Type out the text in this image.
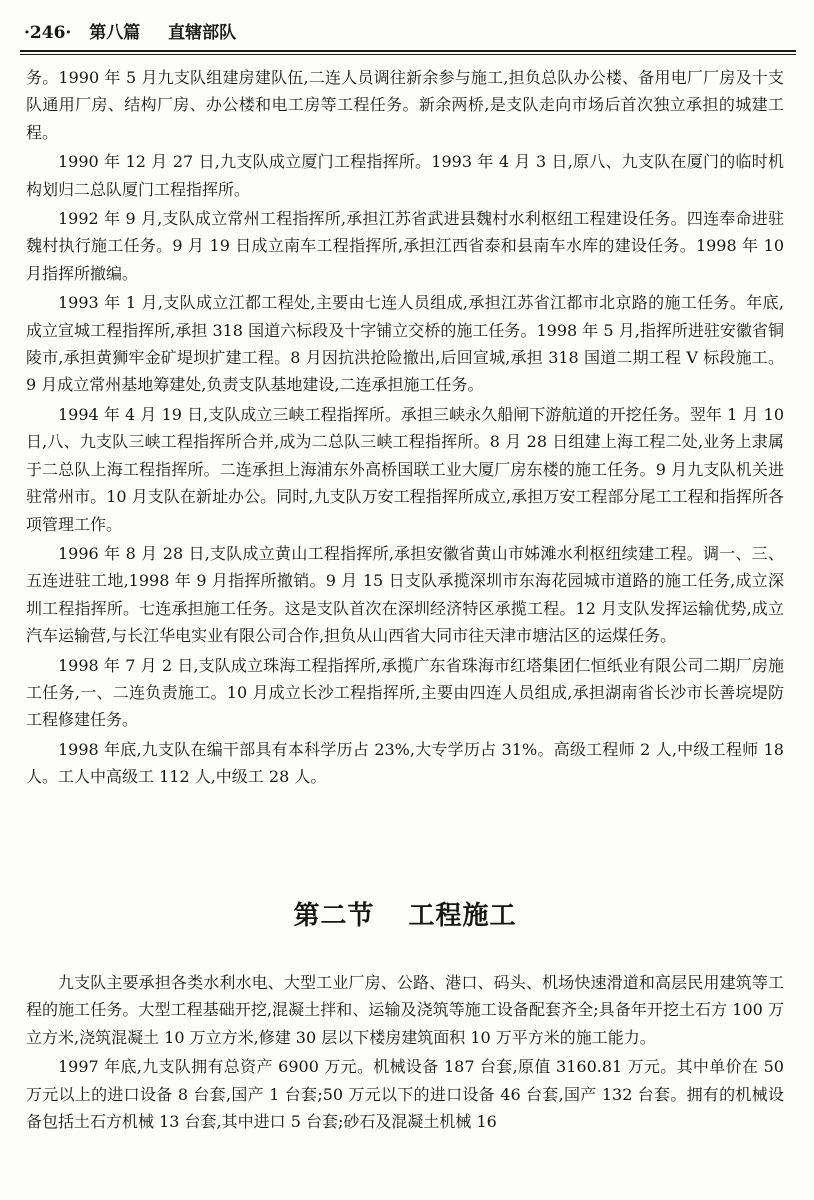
·246· 第八篇 直辖部队

务。1990 年 5 月九支队组建房建队伍,二连人员调往新余参与施工,担负总队办公楼、备用电厂厂房及十支队通用厂房、结构厂房、办公楼和电工房等工程任务。新余两桥,是支队走向市场后首次独立承担的城建工程。

1990 年 12 月 27 日,九支队成立厦门工程指挥所。1993 年 4 月 3 日,原八、九支队在厦门的临时机构划归二总队厦门工程指挥所。

1992 年 9 月,支队成立常州工程指挥所,承担江苏省武进县魏村水利枢纽工程建设任务。四连奉命进驻魏村执行施工任务。9 月 19 日成立南车工程指挥所,承担江西省泰和县南车水库的建设任务。1998 年 10 月指挥所撤编。

1993 年 1 月,支队成立江都工程处,主要由七连人员组成,承担江苏省江都市北京路的施工任务。年底,成立宣城工程指挥所,承担 318 国道六标段及十字铺立交桥的施工任务。1998 年 5 月,指挥所进驻安徽省铜陵市,承担黄狮牢金矿堤坝扩建工程。8 月因抗洪抢险撤出,后回宣城,承担 318 国道二期工程 V 标段施工。9 月成立常州基地筹建处,负责支队基地建设,二连承担施工任务。

1994 年 4 月 19 日,支队成立三峡工程指挥所。承担三峡永久船闸下游航道的开挖任务。翌年 1 月 10 日,八、九支队三峡工程指挥所合并,成为二总队三峡工程指挥所。8 月 28 日组建上海工程二处,业务上隶属于二总队上海工程指挥所。二连承担上海浦东外高桥国联工业大厦厂房东楼的施工任务。9 月九支队机关进驻常州市。10 月支队在新址办公。同时,九支队万安工程指挥所成立,承担万安工程部分尾工工程和指挥所各项管理工作。

1996 年 8 月 28 日,支队成立黄山工程指挥所,承担安徽省黄山市姊滩水利枢纽续建工程。调一、三、五连进驻工地,1998 年 9 月指挥所撤销。9 月 15 日支队承揽深圳市东海花园城市道路的施工任务,成立深圳工程指挥所。七连承担施工任务。这是支队首次在深圳经济特区承揽工程。12 月支队发挥运输优势,成立汽车运输营,与长江华电实业有限公司合作,担负从山西省大同市往天津市塘沽区的运煤任务。

1998 年 7 月 2 日,支队成立珠海工程指挥所,承揽广东省珠海市红塔集团仁恒纸业有限公司二期厂房施工任务,一、二连负责施工。10 月成立长沙工程指挥所,主要由四连人员组成,承担湖南省长沙市长善垸堤防工程修建任务。

1998 年底,九支队在编干部具有本科学历占 23%,大专学历占 31%。高级工程师 2 人,中级工程师 18 人。工人中高级工 112 人,中级工 28 人。

第二节 工程施工

九支队主要承担各类水利水电、大型工业厂房、公路、港口、码头、机场快速滑道和高层民用建筑等工程的施工任务。大型工程基础开挖,混凝土拌和、运输及浇筑等施工设备配套齐全;具备年开挖土石方 100 万立方米,浇筑混凝土 10 万立方米,修建 30 层以下楼房建筑面积 10 万平方米的施工能力。

1997 年底,九支队拥有总资产 6900 万元。机械设备 187 台套,原值 3160.81 万元。其中单价在 50 万元以上的进口设备 8 台套,国产 1 台套;50 万元以下的进口设备 46 台套,国产 132 台套。拥有的机械设备包括土石方机械 13 台套,其中进口 5 台套;砂石及混凝土机械 16
